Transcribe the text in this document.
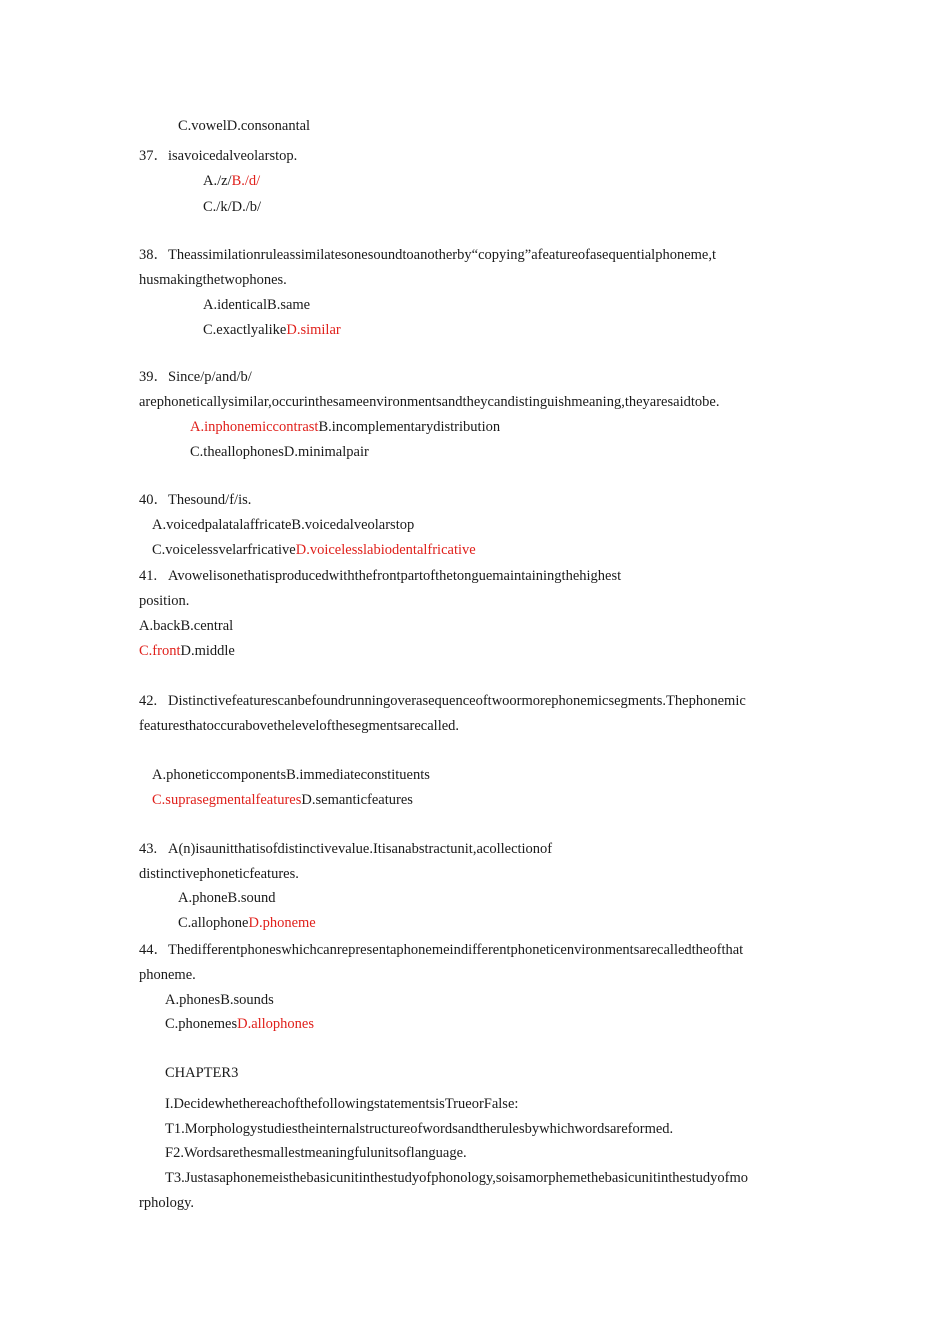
C.vowelD.consonantal
37．isavoicedalveolarstop.
A./z/B./d/
C./k/D./b/
38．Theassimilationruleassimilatesonesoundtoanotherby“copying”afeatureofasequentialphoneme,t
husmakingthetwophones.
A.identicalB.same
C.exactlyalikeD.similar
39．Since/p/and/b/
arephoneticallysimilar,occurinthesameenvironmentsandtheycandistinguishmeaning,theyaresaidtobe.
A.inphonemiccontrastB.incomplementarydistribution
C.theallophonesD.minimalpair
40．Thesound/f/is.
A.voicedpalatalaffricateB.voicedalveolarstop
C.voicelessvelarfricativeD.voicelesslabiodentalfricative
41.   Avowelisonethatisproducedwiththefrontpartofthetonguemaintainingthehighest
position.
A.backB.central
C.frontD.middle
42.   Distinctivefeaturescanbefoundrunningoverasequenceoftwoormorephonemicsegments.Thephonemic
featuresthatoccurabovethelevelofthesegmentsarecalled.
A.phoneticcomponentsB.immediateconstituents
C.suprasegmentalfeaturesD.semanticfeatures
43.   A(n)isaunitthatisofdistinctivevalue.Itisanabstractunit,acollectionof
distinctivephoneticfeatures.
A.phoneB.sound
C.allophoneD.phoneme
44．Thedifferentphoneswhichcanrepresentaphonemeindifferentphoneticenvironmentsarecalledtheofthat
phoneme.
A.phonesB.sounds
C.phonemesD.allophones
CHAPTER3
I.DecidewhethereachofthefollowingstatementsisTrueorFalse:
T1.Morphologystudiestheinternalstructureofwordsandtherulesbywhichwordsareformed.
F2.Wordsarethesmallestmeaningfulunitsoflanguage.
T3.Justasaphonemeisthebasicunitinthestudyofphonology,soisamorphemethebasicunitinthestudyofmo
rphology.
